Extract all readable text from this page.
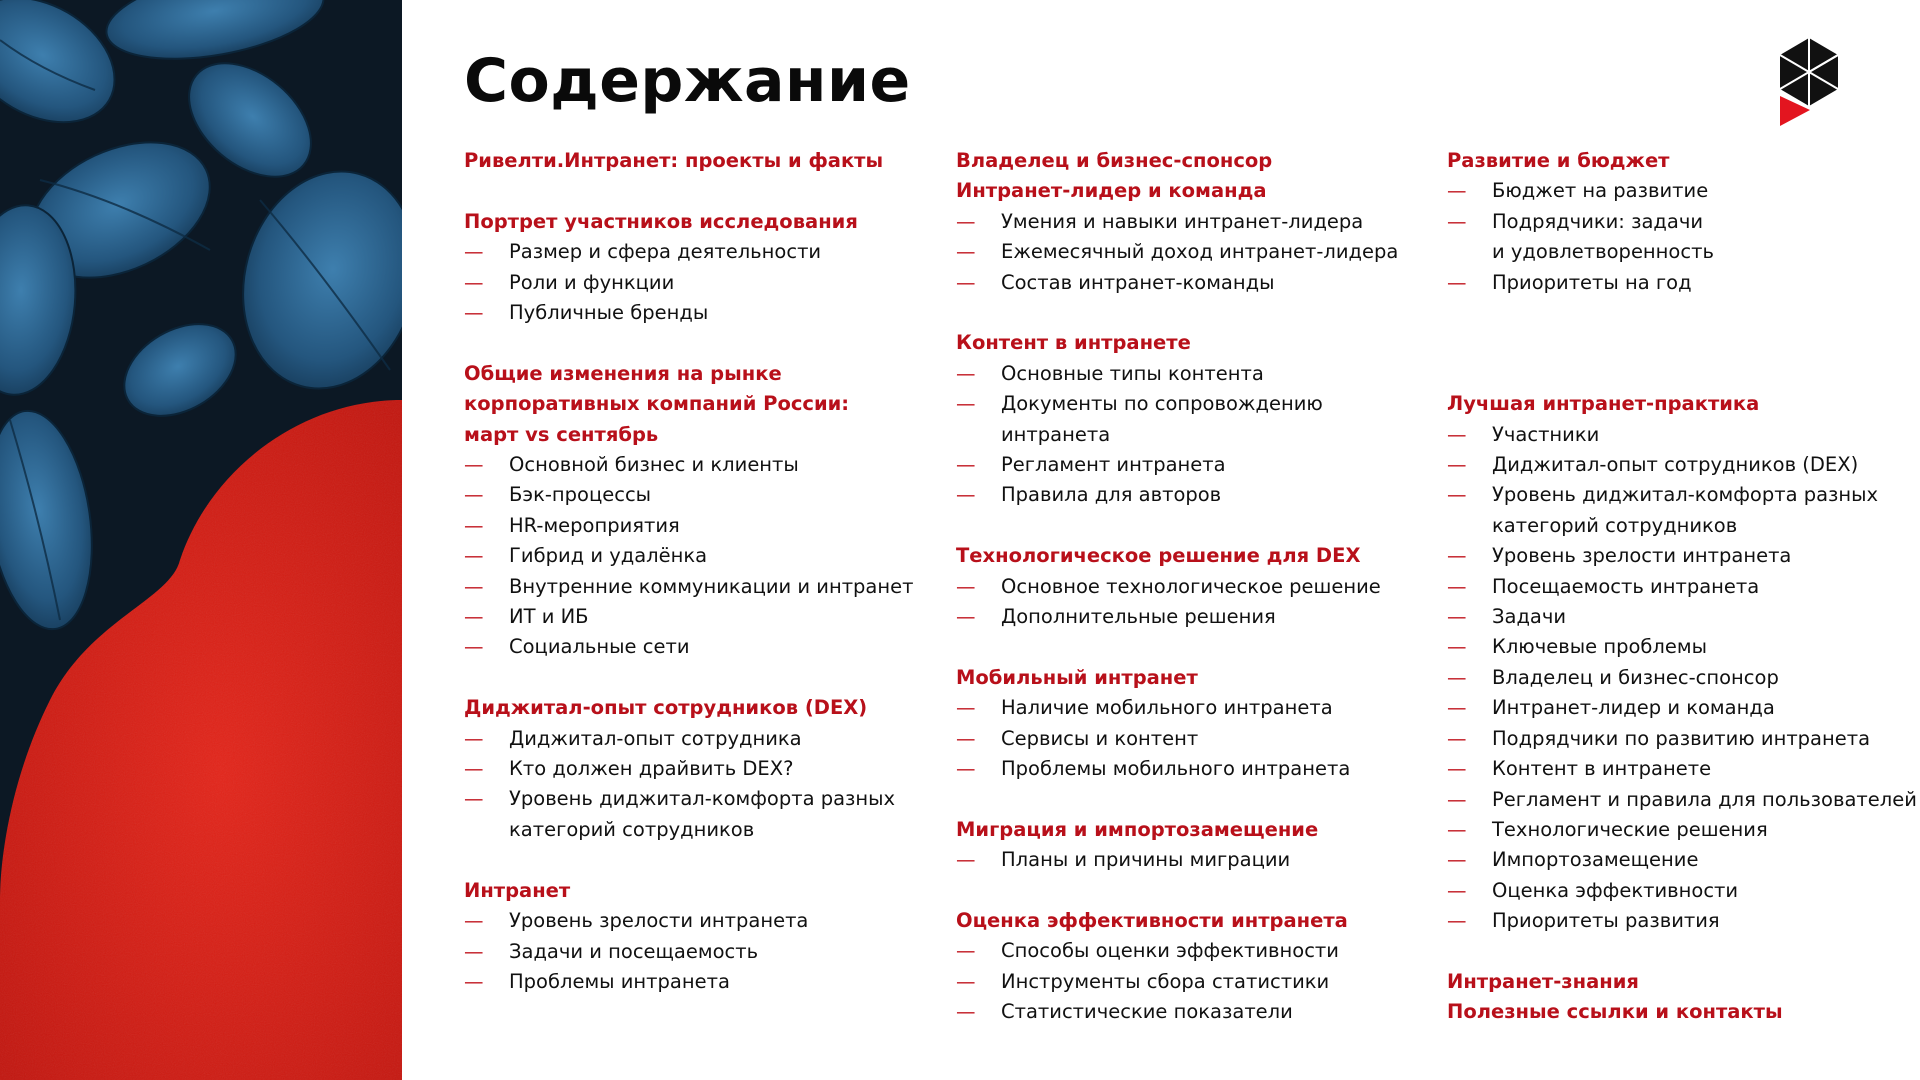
Содержание
Ривелти.Интранет: проекты и факты
Портрет участников исследования
— Размер и сфера деятельности
— Роли и функции
— Публичные бренды
Общие изменения на рынке
корпоративных компаний России:
март vs сентябрь
— Основной бизнес и клиенты
— Бэк-процессы
— HR-мероприятия
— Гибрид и удалёнка
— Внутренние коммуникации и интранет
— ИТ и ИБ
— Социальные сети
Диджитал-опыт сотрудников (DEX)
— Диджитал-опыт сотрудника
— Кто должен драйвить DEX?
— Уровень диджитал-комфорта разных
категорий сотрудников
Интранет
— Уровень зрелости интранета
— Задачи и посещаемость
— Проблемы интранета
Владелец и бизнес-спонсор
Интранет-лидер и команда
— Умения и навыки интранет-лидера
— Ежемесячный доход интранет-лидера
— Состав интранет-команды
Контент в интранете
— Основные типы контента
— Документы по сопровождению
интранета
— Регламент интранета
— Правила для авторов
Технологическое решение для DEX
— Основное технологическое решение
— Дополнительные решения
Мобильный интранет
— Наличие мобильного интранета
— Сервисы и контент
— Проблемы мобильного интранета
Миграция и импортозамещение
— Планы и причины миграции
Оценка эффективности интранета
— Способы оценки эффективности
— Инструменты сбора статистики
— Статистические показатели
Развитие и бюджет
— Бюджет на развитие
— Подрядчики: задачи
и удовлетворенность
— Приоритеты на год

Лучшая интранет-практика
— Участники
— Диджитал-опыт сотрудников (DEX)
— Уровень диджитал-комфорта разных
категорий сотрудников
— Уровень зрелости интранета
— Посещаемость интранета
— Задачи
— Ключевые проблемы
— Владелец и бизнес-спонсор
— Интранет-лидер и команда
— Подрядчики по развитию интранета
— Контент в интранете
— Регламент и правила для пользователей
— Технологические решения
— Импортозамещение
— Оценка эффективности
— Приоритеты развития
Интранет-знания
Полезные ссылки и контакты
